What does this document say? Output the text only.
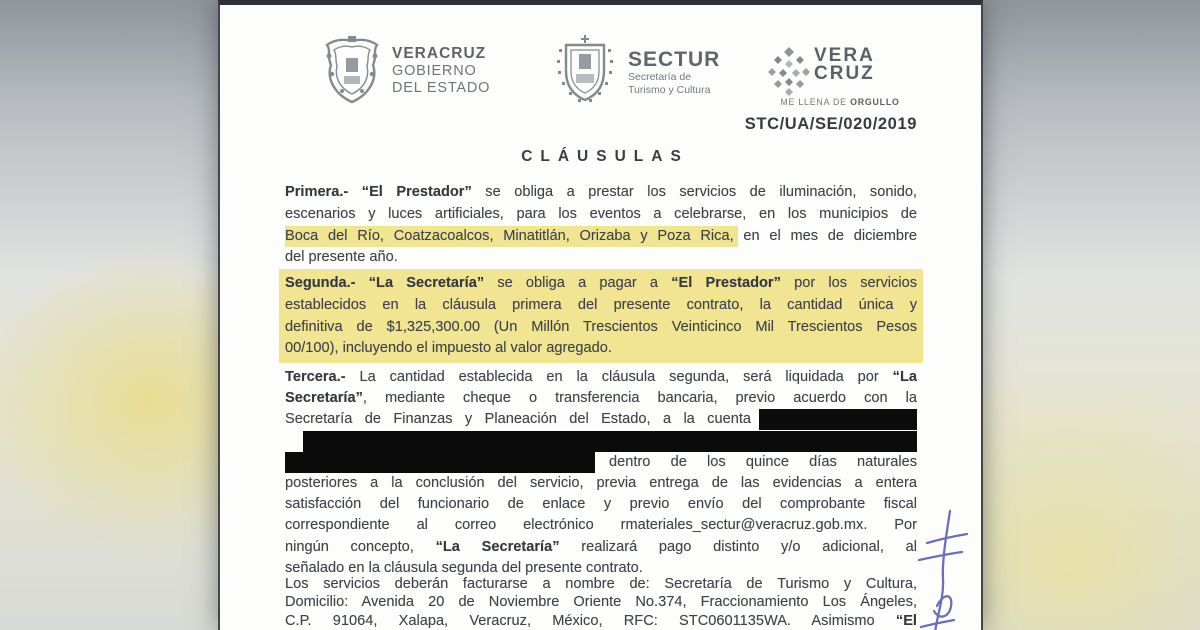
VERACRUZ
GOBIERNO
DEL ESTADO
SECTUR
Secretaría de
Turismo y Cultura
VERA
CRUZ
ME LLENA DE ORGULLO
STC/UA/SE/020/2019
CLÁUSULAS
Primera.- “El Prestador” se obliga a prestar los servicios de iluminación, sonido,
escenarios y luces artificiales, para los eventos a celebrarse, en los municipios de
Boca del Río, Coatzacoalcos, Minatitlán, Orizaba y Poza Rica, en el mes de diciembre
del presente año.
Segunda.- “La Secretaría” se obliga a pagar a “El Prestador” por los servicios
establecidos en la cláusula primera del presente contrato, la cantidad única y
definitiva de $1,325,300.00 (Un Millón Trescientos Veinticinco Mil Trescientos Pesos
00/100), incluyendo el impuesto al valor agregado.
Tercera.- La cantidad establecida en la cláusula segunda, será liquidada por “La
Secretaría”, mediante cheque o transferencia bancaria, previo acuerdo con la
Secretaría de Finanzas y Planeación del Estado, a la cuenta
dentro de los quince días naturales
posteriores a la conclusión del servicio, previa entrega de las evidencias a entera
satisfacción del funcionario de enlace y previo envío del comprobante fiscal
correspondiente al correo electrónico rmateriales_sectur@veracruz.gob.mx. Por
ningún concepto, “La Secretaría” realizará pago distinto y/o adicional, al
señalado en la cláusula segunda del presente contrato.
Los servicios deberán facturarse a nombre de: Secretaría de Turismo y Cultura,
Domicilio: Avenida 20 de Noviembre Oriente No.374, Fraccionamiento Los Ángeles,
C.P. 91064, Xalapa, Veracruz, México, RFC: STC0601135WA. Asimismo “El
